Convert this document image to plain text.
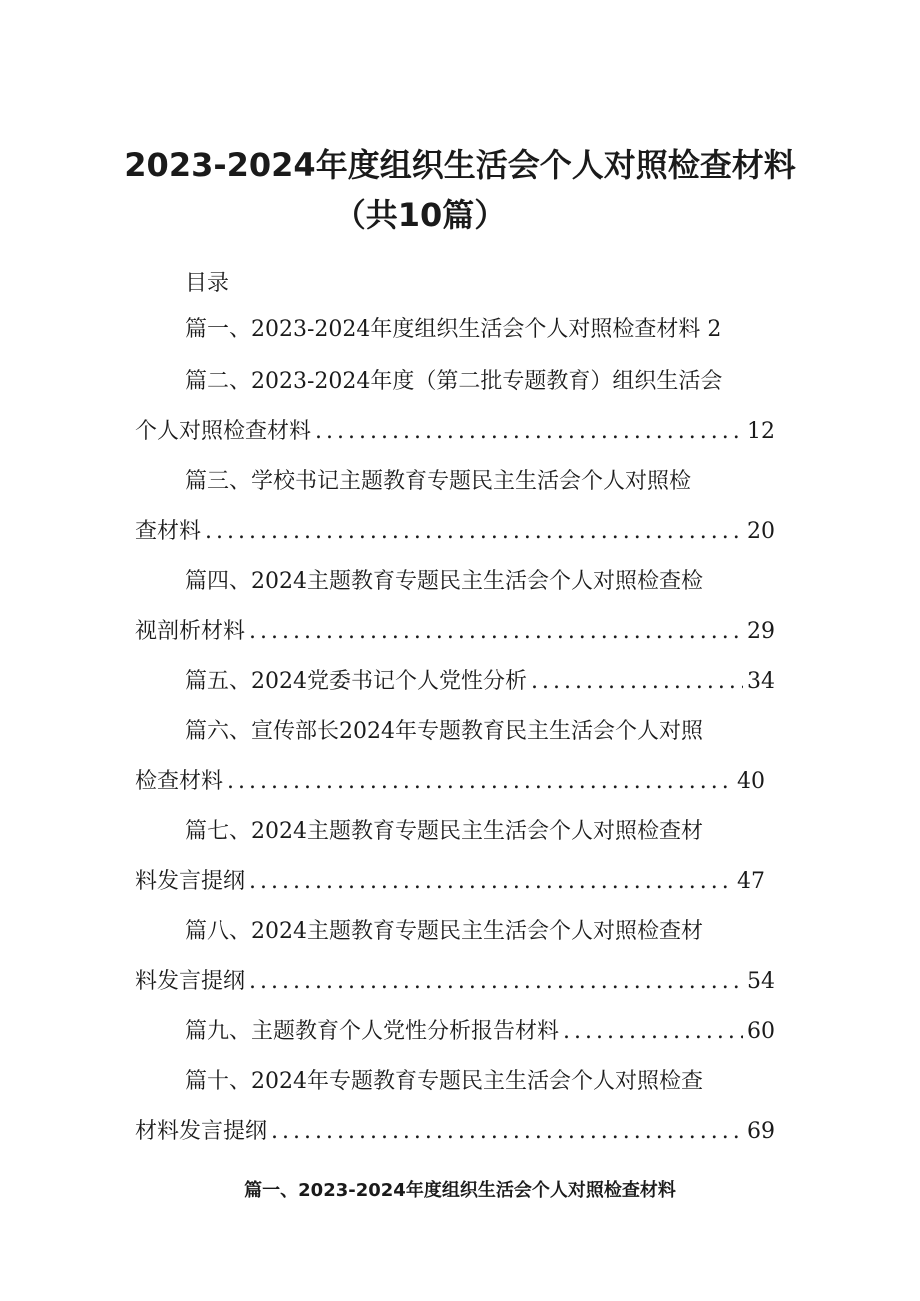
2023-2024年度组织生活会个人对照检查材料
（共10篇）
目录
篇一、2023-2024年度组织生活会个人对照检查材料 2
篇二、2023-2024年度（第二批专题教育）组织生活会
个人对照检查材料 .....	12
篇三、学校书记主题教育专题民主生活会个人对照检
查材料 .....	20
篇四、2024主题教育专题民主生活会个人对照检查检
视剖析材料 .....	29
篇五、2024党委书记个人党性分析 .....	34
篇六、宣传部长2024年专题教育民主生活会个人对照
检查材料 .....	40
篇七、2024主题教育专题民主生活会个人对照检查材
料发言提纲 .....	47
篇八、2024主题教育专题民主生活会个人对照检查材
料发言提纲 .....	54
篇九、主题教育个人党性分析报告材料 .....	60
篇十、2024年专题教育专题民主生活会个人对照检查
材料发言提纲 .....	69
篇一、2023-2024年度组织生活会个人对照检查材料
